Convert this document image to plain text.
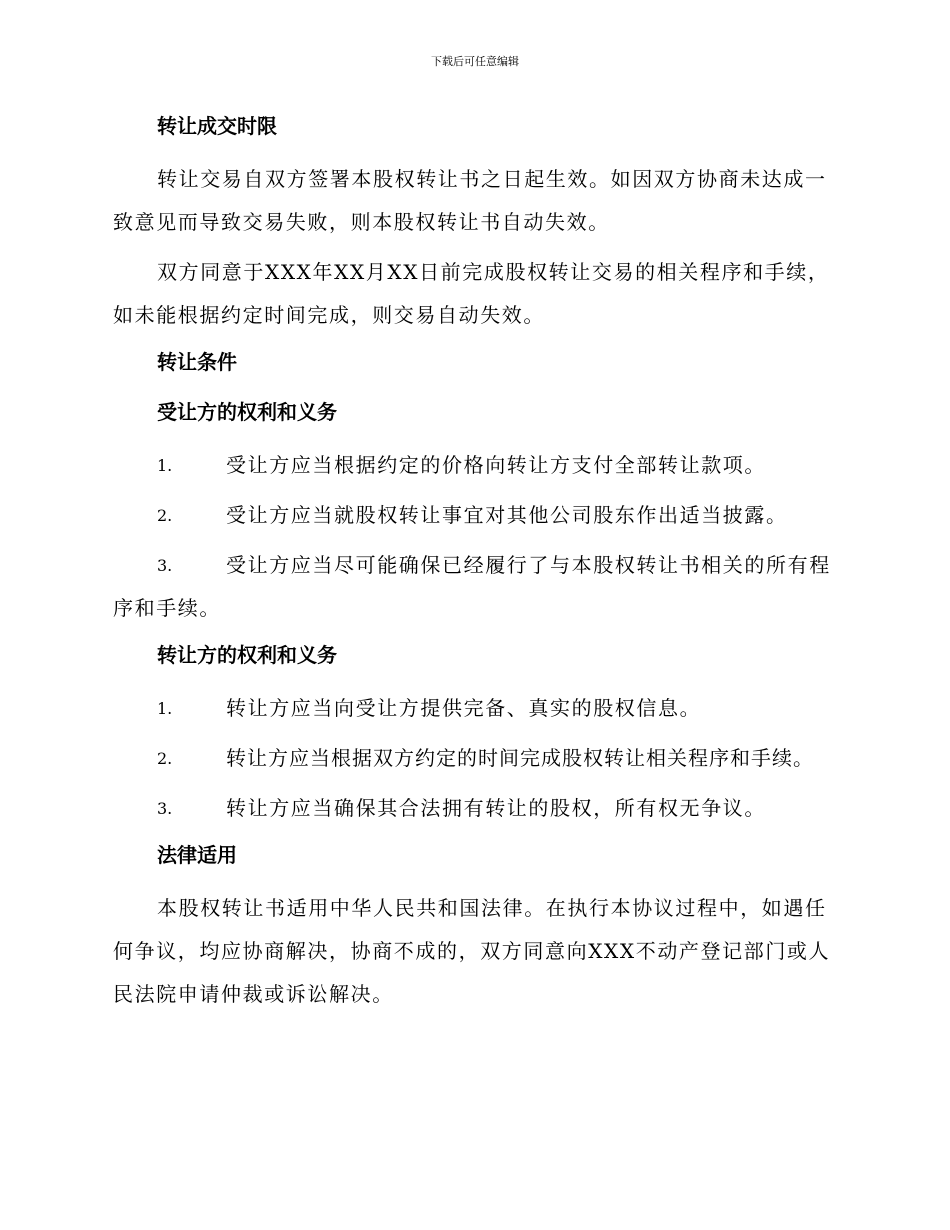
下载后可任意编辑
转让成交时限
转让交易自双方签署本股权转让书之日起生效。如因双方协商未达成一致意见而导致交易失败，则本股权转让书自动失效。
双方同意于XXX年XX月XX日前完成股权转让交易的相关程序和手续，如未能根据约定时间完成，则交易自动失效。
转让条件
受让方的权利和义务
1.	受让方应当根据约定的价格向转让方支付全部转让款项。
2.	受让方应当就股权转让事宜对其他公司股东作出适当披露。
3.	受让方应当尽可能确保已经履行了与本股权转让书相关的所有程序和手续。
转让方的权利和义务
1.	转让方应当向受让方提供完备、真实的股权信息。
2.	转让方应当根据双方约定的时间完成股权转让相关程序和手续。
3.	转让方应当确保其合法拥有转让的股权，所有权无争议。
法律适用
本股权转让书适用中华人民共和国法律。在执行本协议过程中，如遇任何争议，均应协商解决，协商不成的，双方同意向XXX不动产登记部门或人民法院申请仲裁或诉讼解决。
